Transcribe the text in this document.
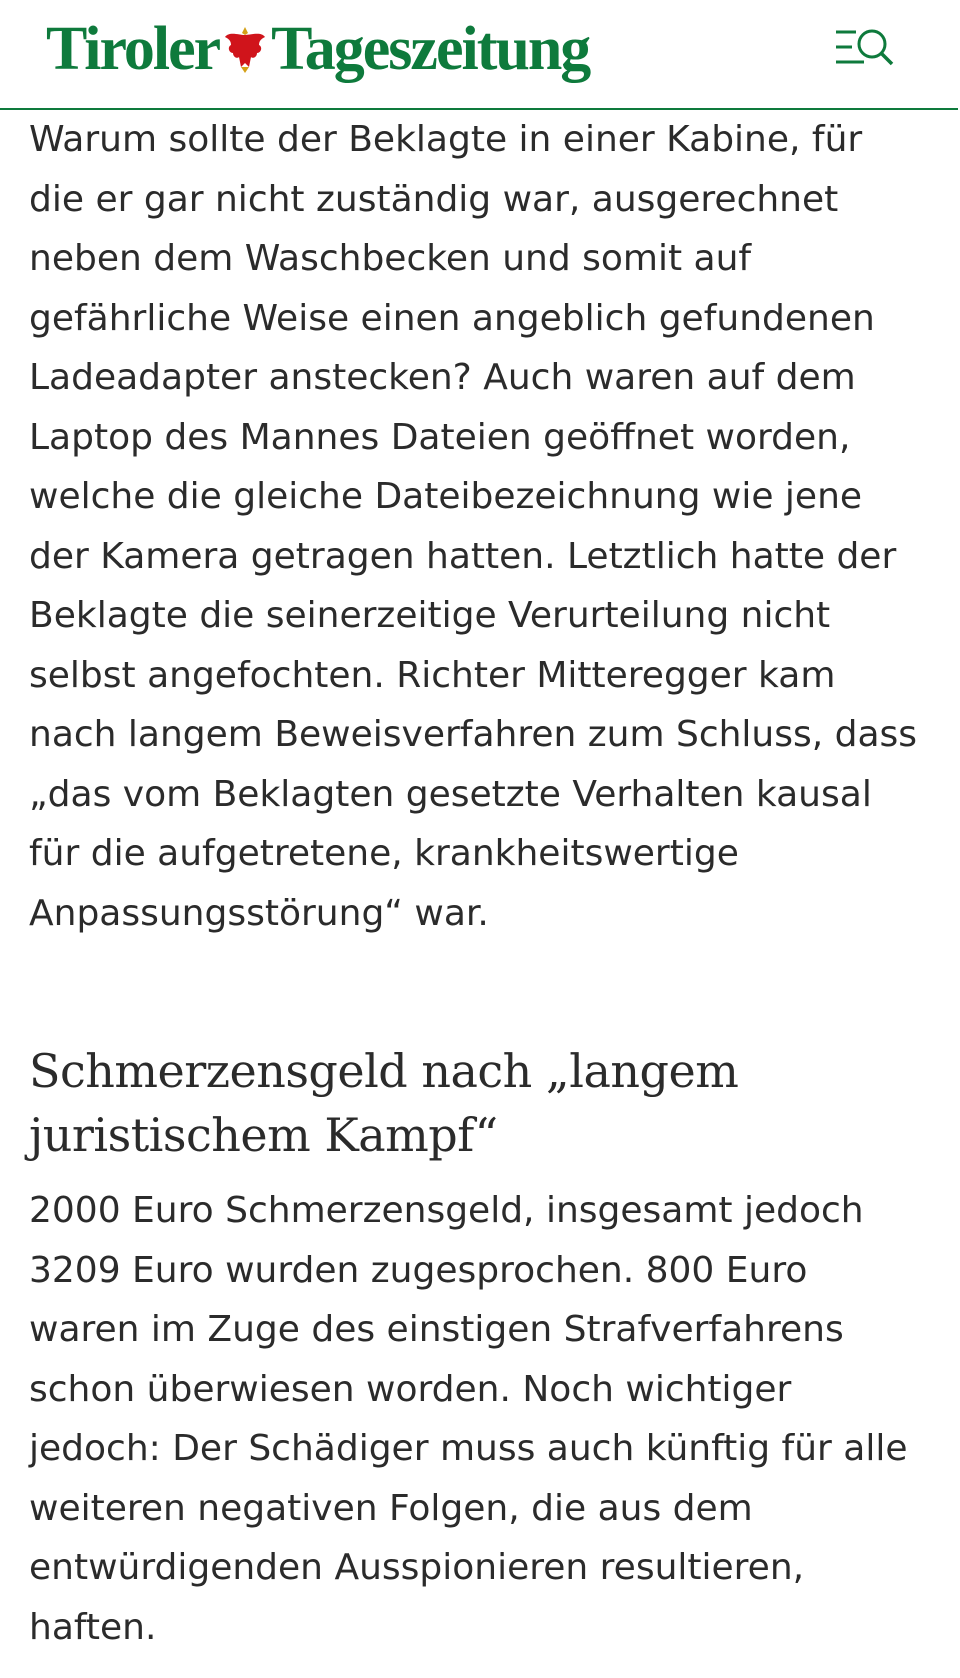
Tiroler Tageszeitung

Warum sollte der Beklagte in einer Kabine, für
die er gar nicht zuständig war, ausgerechnet
neben dem Waschbecken und somit auf
gefährliche Weise einen angeblich gefundenen
Ladeadapter anstecken? Auch waren auf dem
Laptop des Mannes Dateien geöffnet worden,
welche die gleiche Dateibezeichnung wie jene
der Kamera getragen hatten. Letztlich hatte der
Beklagte die seinerzeitige Verurteilung nicht
selbst angefochten. Richter Mitteregger kam
nach langem Beweisverfahren zum Schluss, dass
„das vom Beklagten gesetzte Verhalten kausal
für die aufgetretene, krankheitswertige
Anpassungsstörung“ war.

Schmerzensgeld nach „langem
juristischem Kampf“

2000 Euro Schmerzensgeld, insgesamt jedoch
3209 Euro wurden zugesprochen. 800 Euro
waren im Zuge des einstigen Strafverfahrens
schon überwiesen worden. Noch wichtiger
jedoch: Der Schädiger muss auch künftig für alle
weiteren negativen Folgen, die aus dem
entwürdigenden Ausspionieren resultieren,
haften.
